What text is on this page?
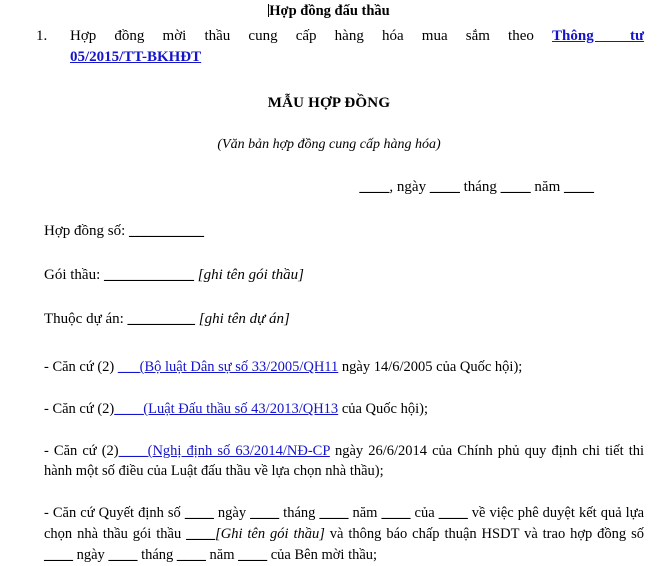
Hợp đồng đấu thầu
1.	Hợp đồng mời thầu cung cấp hàng hóa mua sắm theo Thông  tư
05/2015/TT-BKHĐT
MẪU HỢP ĐỒNG
(Văn bản hợp đồng cung cấp hàng hóa)
____, ngày ____ tháng ____ năm ____
Hợp đồng số: __________
Gói thầu: ____________ [ghi tên gói thầu]
Thuộc dự án: _________ [ghi tên dự án]
- Căn cứ (2) ___(Bộ luật Dân sự số 33/2005/QH11 ngày 14/6/2005 của Quốc hội);
- Căn cứ (2)____(Luật Đấu thầu số 43/2013/QH13 của Quốc hội);
- Căn cứ (2)____(Nghị định số 63/2014/NĐ-CP ngày 26/6/2014 của Chính phủ quy định chi tiết thi hành một số điều của Luật đấu thầu về lựa chọn nhà thầu);
- Căn cứ Quyết định số ____ ngày ____ tháng ____ năm ____ của ____ về việc phê duyệt kết quả lựa chọn nhà thầu gói thầu ____[Ghi tên gói thầu] và thông báo chấp thuận HSDT và trao hợp đồng số ____ ngày ____ tháng ____ năm ____ của Bên mời thầu;
